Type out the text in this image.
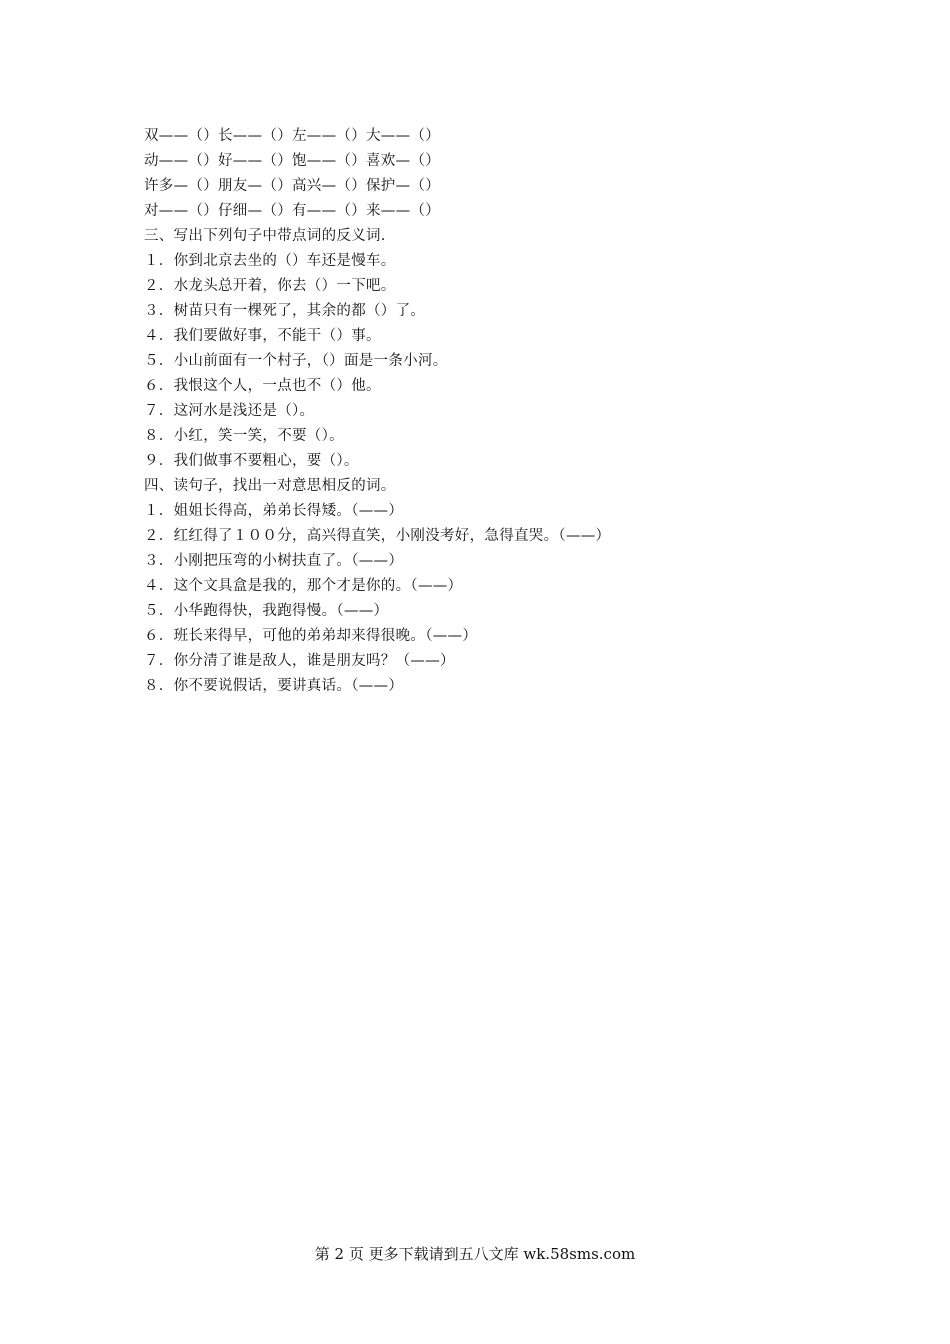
双——（）长——（）左——（）大——（）
动——（）好——（）饱——（）喜欢—（）
许多—（）朋友—（）高兴—（）保护—（）
对——（）仔细—（）有——（）来——（）
三、写出下列句子中带点词的反义词.
１．你到北京去坐的（）车还是慢车。
２．水龙头总开着，你去（）一下吧。
３．树苗只有一棵死了，其余的都（）了。
４．我们要做好事，不能干（）事。
５．小山前面有一个村子，（）面是一条小河。
６．我恨这个人，一点也不（）他。
７．这河水是浅还是（）。
８．小红，笑一笑，不要（）。
９．我们做事不要粗心，要（）。
四、读句子，找出一对意思相反的词。
１．姐姐长得高，弟弟长得矮。（——）
２．红红得了１００分，高兴得直笑，小刚没考好，急得直哭。（——）
３．小刚把压弯的小树扶直了。（——）
４．这个文具盒是我的，那个才是你的。（——）
５．小华跑得快，我跑得慢。（——）
６．班长来得早，可他的弟弟却来得很晚。（——）
７．你分清了谁是敌人，谁是朋友吗？（——）
８．你不要说假话，要讲真话。（——）
第 2 页 更多下载请到五八文库 wk.58sms.com
